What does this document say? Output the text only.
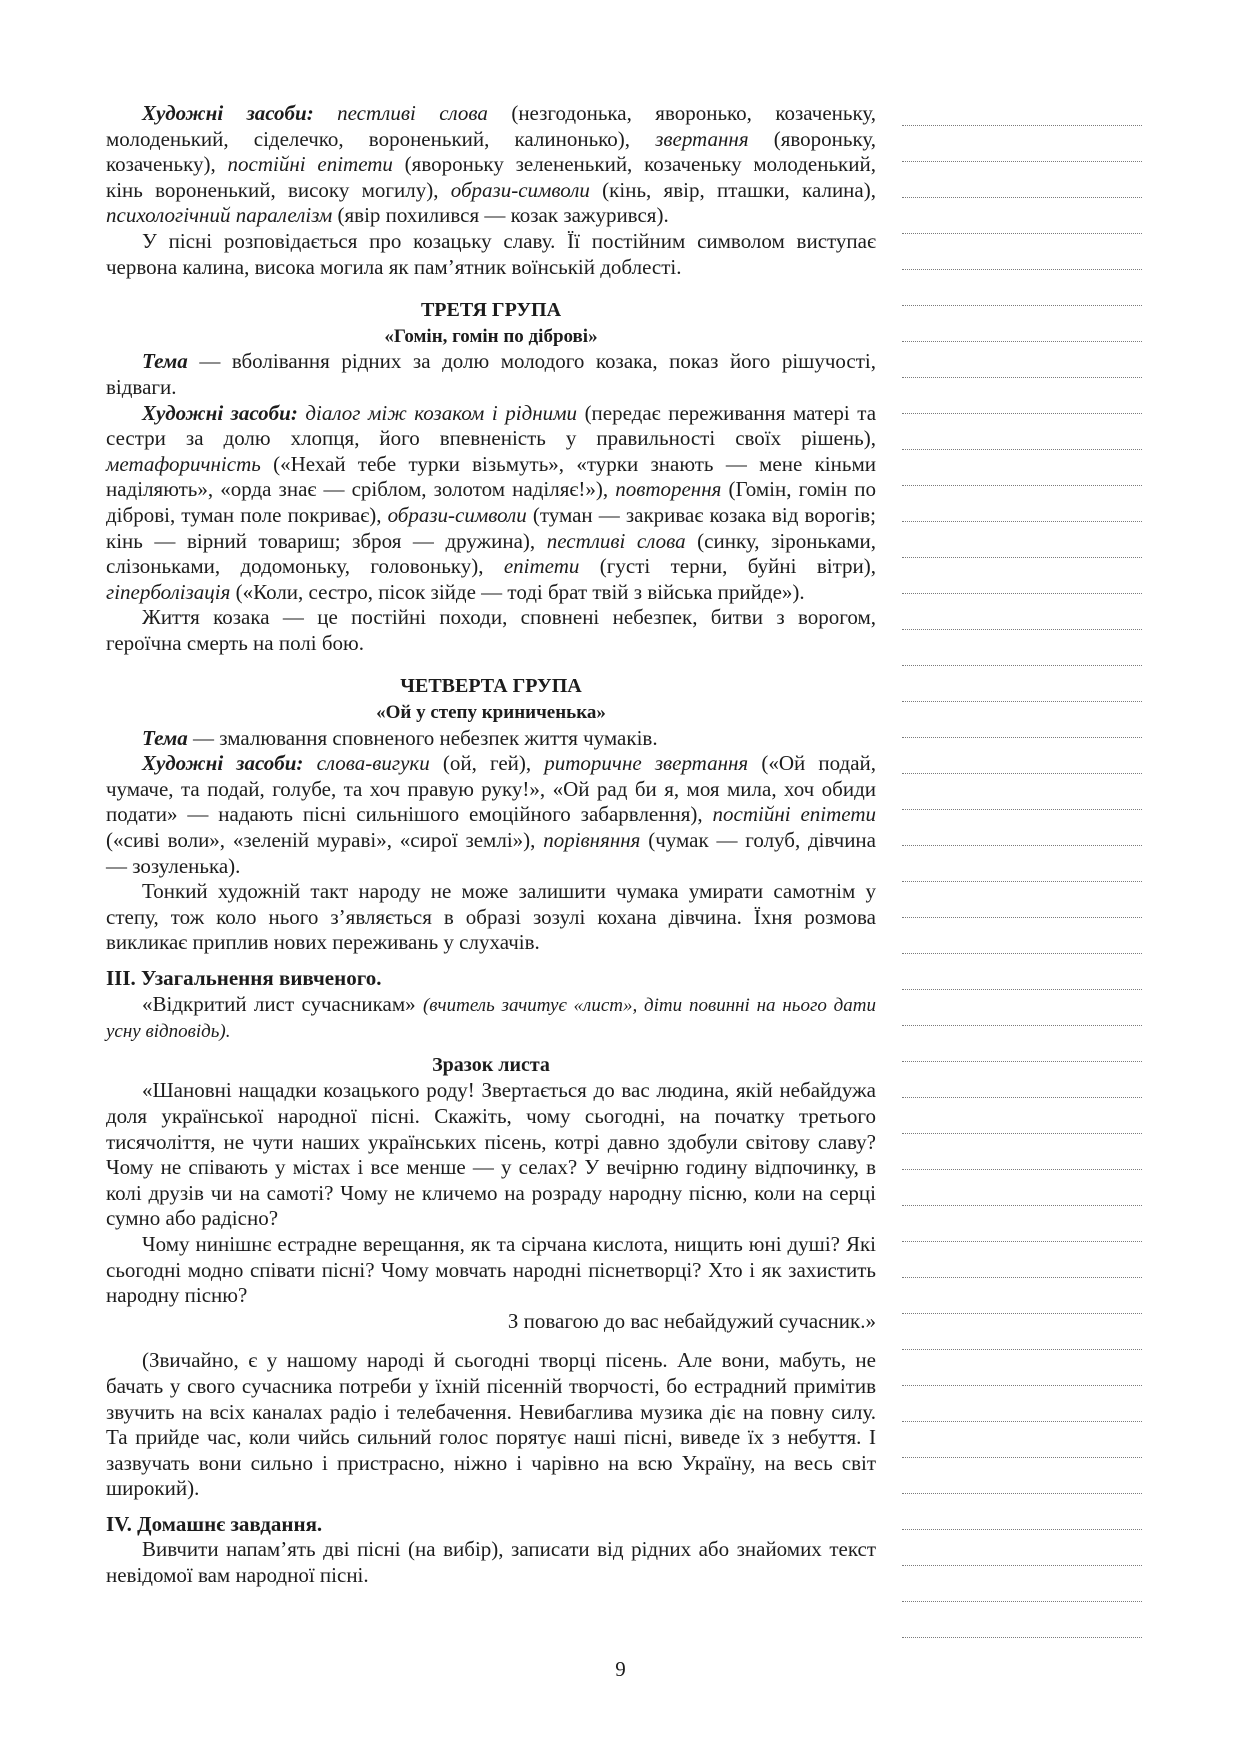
Художні засоби: пестливі слова (незгодонька, яворонько, козаченьку, молоденький, сіделечко, вороненький, калинонько), звертання (явороньку, козаченьку), постійні епітети (явороньку зелененький, козаченьку молоденький, кінь вороненький, високу могилу), образи-символи (кінь, явір, пташки, калина), психологічний паралелізм (явір похилився — козак зажурився).

У пісні розповідається про козацьку славу. Її постійним символом виступає червона калина, висока могила як пам’ятник воїнській доблесті.

ТРЕТЯ ГРУПА

«Гомін, гомін по діброві»

Тема — вболівання рідних за долю молодого козака, показ його рішучості, відваги.

Художні засоби: діалог між козаком і рідними (передає переживання матері та сестри за долю хлопця, його впевненість у правильності своїх рішень), метафоричність («Нехай тебе турки візьмуть», «турки знають — мене кіньми наділяють», «орда знає — сріблом, золотом наділяє!»), повторення (Гомін, гомін по діброві, туман поле покриває), образи-символи (туман — закриває козака від ворогів; кінь — вірний товариш; зброя — дружина), пестливі слова (синку, зіроньками, слізоньками, додомоньку, головоньку), епітети (густі терни, буйні вітри), гіперболізація («Коли, сестро, пісок зійде — тоді брат твій з війська прийде»).

Життя козака — це постійні походи, сповнені небезпек, битви з ворогом, героїчна смерть на полі бою.

ЧЕТВЕРТА ГРУПА

«Ой у степу криниченька»

Тема — змалювання сповненого небезпек життя чумаків.

Художні засоби: слова-вигуки (ой, гей), риторичне звертання («Ой подай, чумаче, та подай, голубе, та хоч правую руку!», «Ой рад би я, моя мила, хоч обиди подати» — надають пісні сильнішого емоційного забарвлення), постійні епітети («сиві воли», «зеленій мураві», «сирої землі»), порівняння (чумак — голуб, дівчина — зозуленька).

Тонкий художній такт народу не може залишити чумака умирати самотнім у степу, тож коло нього з’являється в образі зозулі кохана дівчина. Їхня розмова викликає приплив нових переживань у слухачів.

ІІІ. Узагальнення вивченого.

«Відкритий лист сучасникам» (вчитель зачитує «лист», діти повинні на нього дати усну відповідь).

Зразок листа

«Шановні нащадки козацького роду! Звертається до вас людина, якій небайдужа доля української народної пісні. Скажіть, чому сьогодні, на початку третього тисячоліття, не чути наших українських пісень, котрі давно здобули світову славу? Чому не співають у містах і все менше — у селах? У вечірню годину відпочинку, в колі друзів чи на самоті? Чому не кличемо на розраду народну пісню, коли на серці сумно або радісно?

Чому нинішнє естрадне верещання, як та сірчана кислота, нищить юні душі? Які сьогодні модно співати пісні? Чому мовчать народні піснетворці? Хто і як захистить народну пісню?

З повагою до вас небайдужий сучасник.»

(Звичайно, є у нашому народі й сьогодні творці пісень. Але вони, мабуть, не бачать у свого сучасника потреби у їхній пісенній творчості, бо естрадний примітив звучить на всіх каналах радіо і телебачення. Невибаглива музика діє на повну силу. Та прийде час, коли чийсь сильний голос порятує наші пісні, виведе їх з небуття. І зазвучать вони сильно і пристрасно, ніжно і чарівно на всю Україну, на весь світ широкий).

IV. Домашнє завдання.

Вивчити напам’ять дві пісні (на вибір), записати від рідних або знайомих текст невідомої вам народної пісні.

9
